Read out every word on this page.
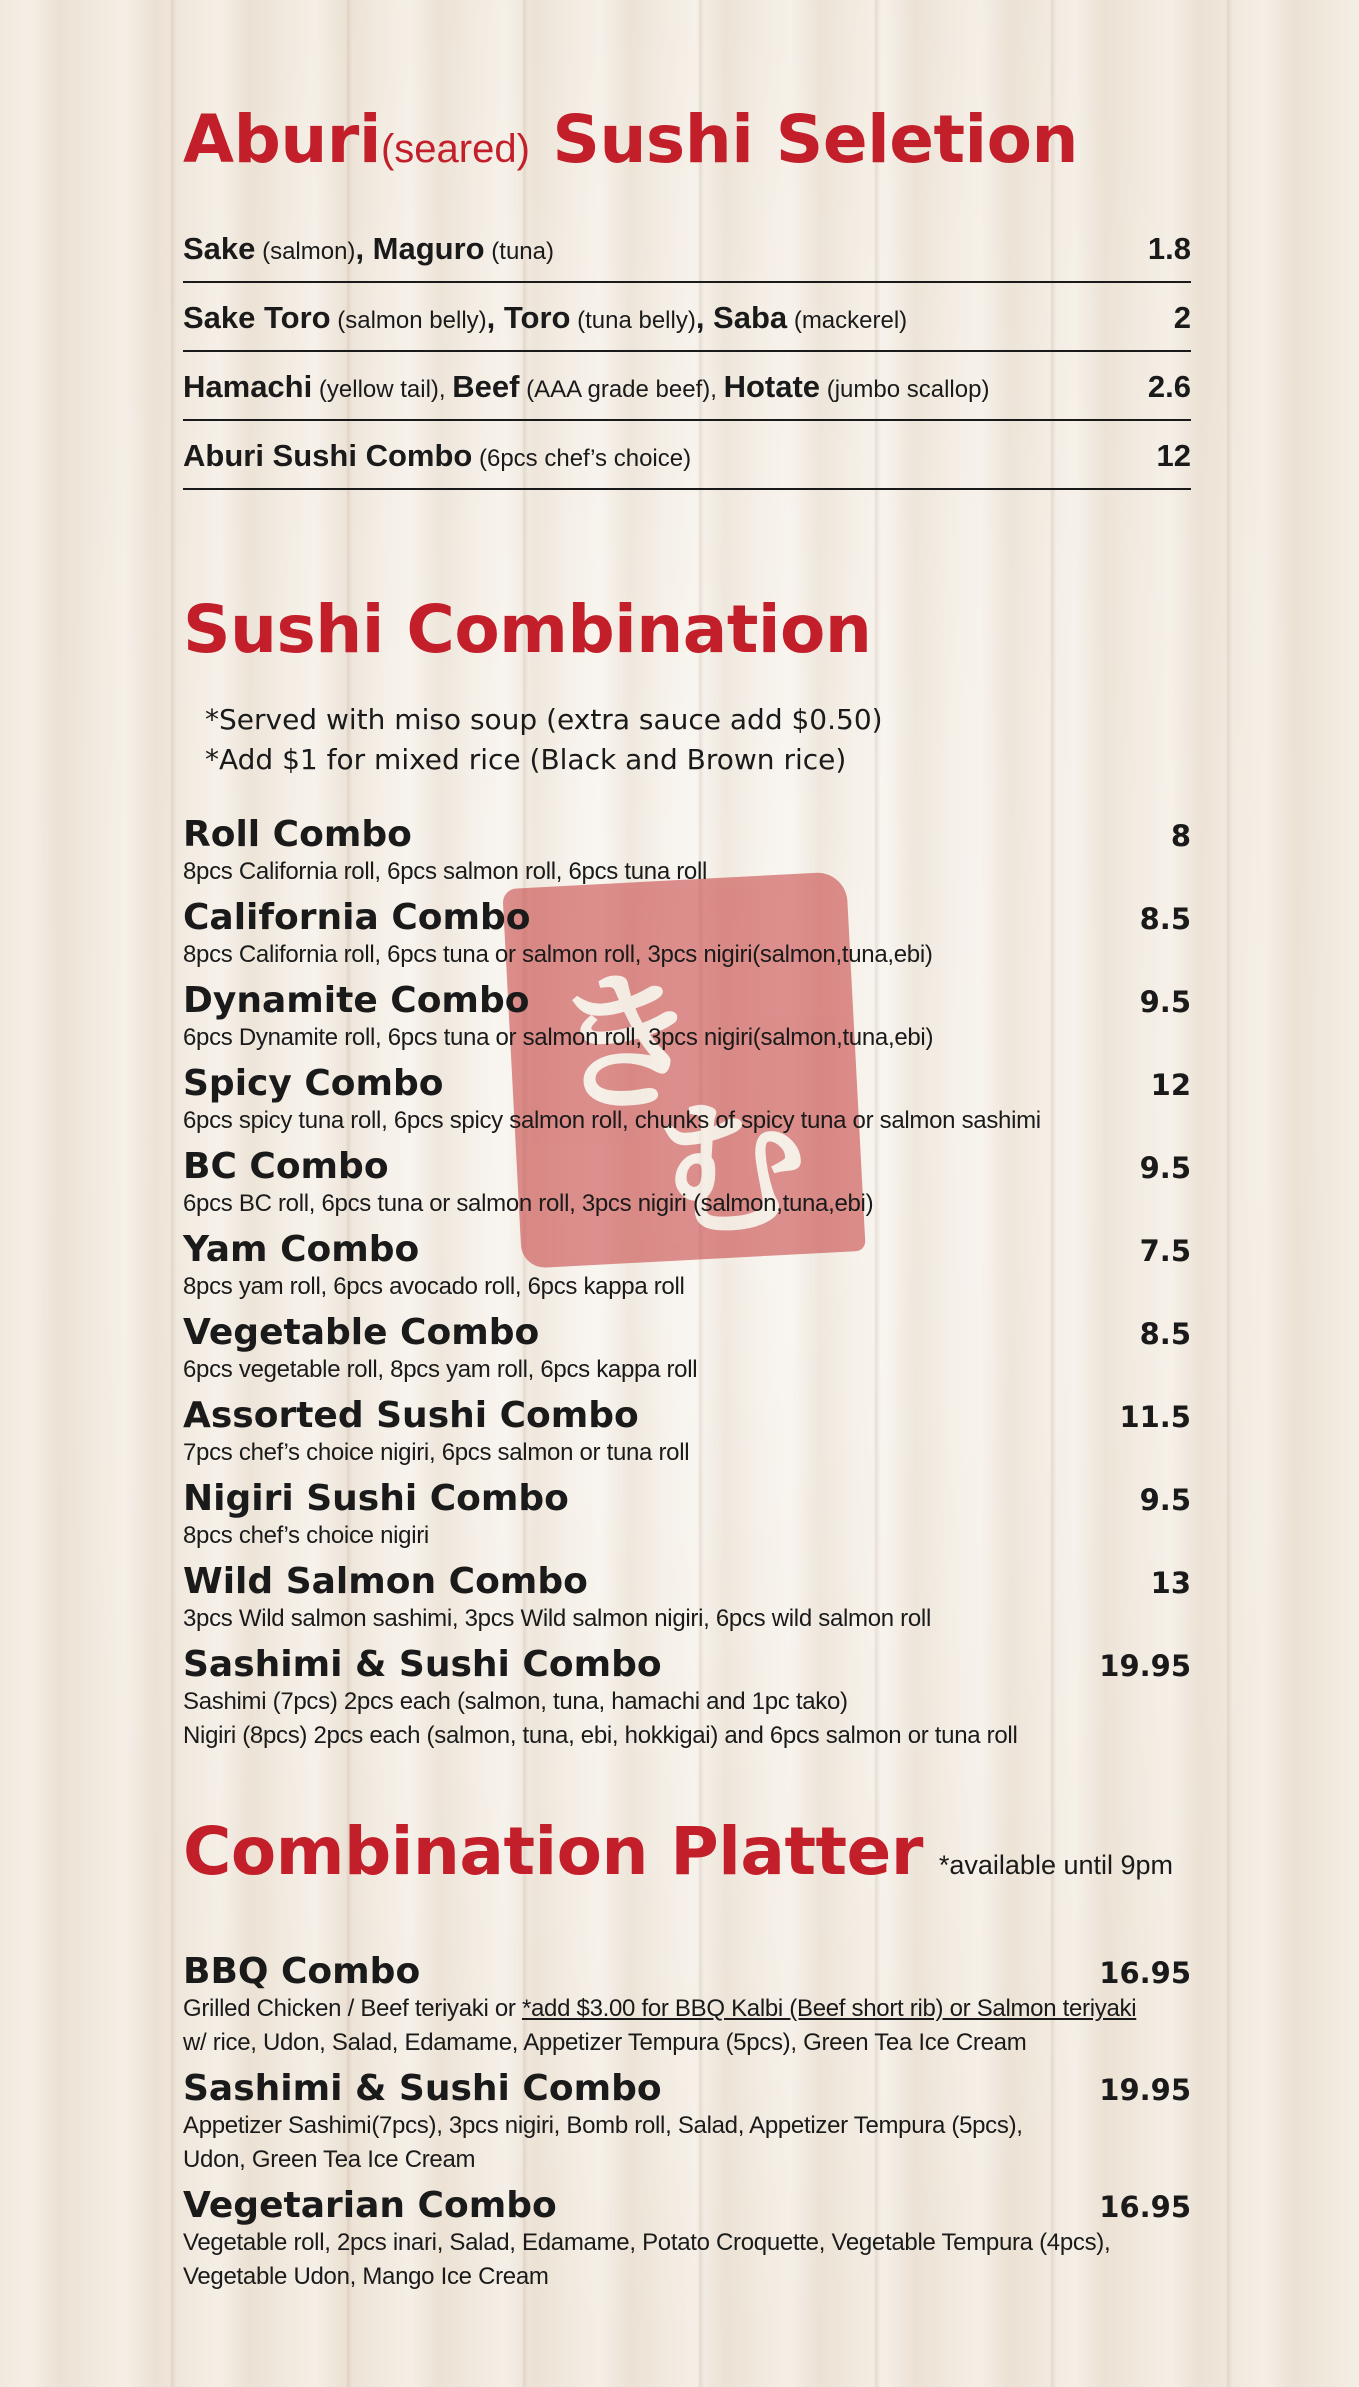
き
む
Aburi(seared) Sushi Seletion
Sake (salmon), Maguro (tuna)	1.8
Sake Toro (salmon belly), Toro (tuna belly), Saba (mackerel)	2
Hamachi (yellow tail), Beef (AAA grade beef), Hotate (jumbo scallop)	2.6
Aburi Sushi Combo (6pcs chef’s choice)	12
Sushi Combination
*Served with miso soup (extra sauce add $0.50)
*Add $1 for mixed rice (Black and Brown rice)
Roll Combo	8
8pcs California roll, 6pcs salmon roll, 6pcs tuna roll
California Combo	8.5
8pcs California roll, 6pcs tuna or salmon roll, 3pcs nigiri(salmon,tuna,ebi)
Dynamite Combo	9.5
6pcs Dynamite roll, 6pcs tuna or salmon roll, 3pcs nigiri(salmon,tuna,ebi)
Spicy Combo	12
6pcs spicy tuna roll, 6pcs spicy salmon roll, chunks of spicy tuna or salmon sashimi
BC Combo	9.5
6pcs BC roll, 6pcs tuna or salmon roll, 3pcs nigiri (salmon,tuna,ebi)
Yam Combo	7.5
8pcs yam roll, 6pcs avocado roll, 6pcs kappa roll
Vegetable Combo	8.5
6pcs vegetable roll, 8pcs yam roll, 6pcs kappa roll
Assorted Sushi Combo	11.5
7pcs chef’s choice nigiri, 6pcs salmon or tuna roll
Nigiri Sushi Combo	9.5
8pcs chef’s choice nigiri
Wild Salmon Combo	13
3pcs Wild salmon sashimi, 3pcs Wild salmon nigiri, 6pcs wild salmon roll
Sashimi & Sushi Combo	19.95
Sashimi (7pcs) 2pcs each (salmon, tuna, hamachi and 1pc tako)
Nigiri (8pcs) 2pcs each (salmon, tuna, ebi, hokkigai) and 6pcs salmon or tuna roll
Combination Platter *available until 9pm
BBQ Combo	16.95
Grilled Chicken / Beef teriyaki or *add $3.00 for BBQ Kalbi (Beef short rib) or Salmon teriyaki
w/ rice, Udon, Salad, Edamame, Appetizer Tempura (5pcs), Green Tea Ice Cream
Sashimi & Sushi Combo	19.95
Appetizer Sashimi(7pcs), 3pcs nigiri, Bomb roll, Salad, Appetizer Tempura (5pcs),
Udon, Green Tea Ice Cream
Vegetarian Combo	16.95
Vegetable roll, 2pcs inari, Salad, Edamame, Potato Croquette, Vegetable Tempura (4pcs),
Vegetable Udon, Mango Ice Cream
